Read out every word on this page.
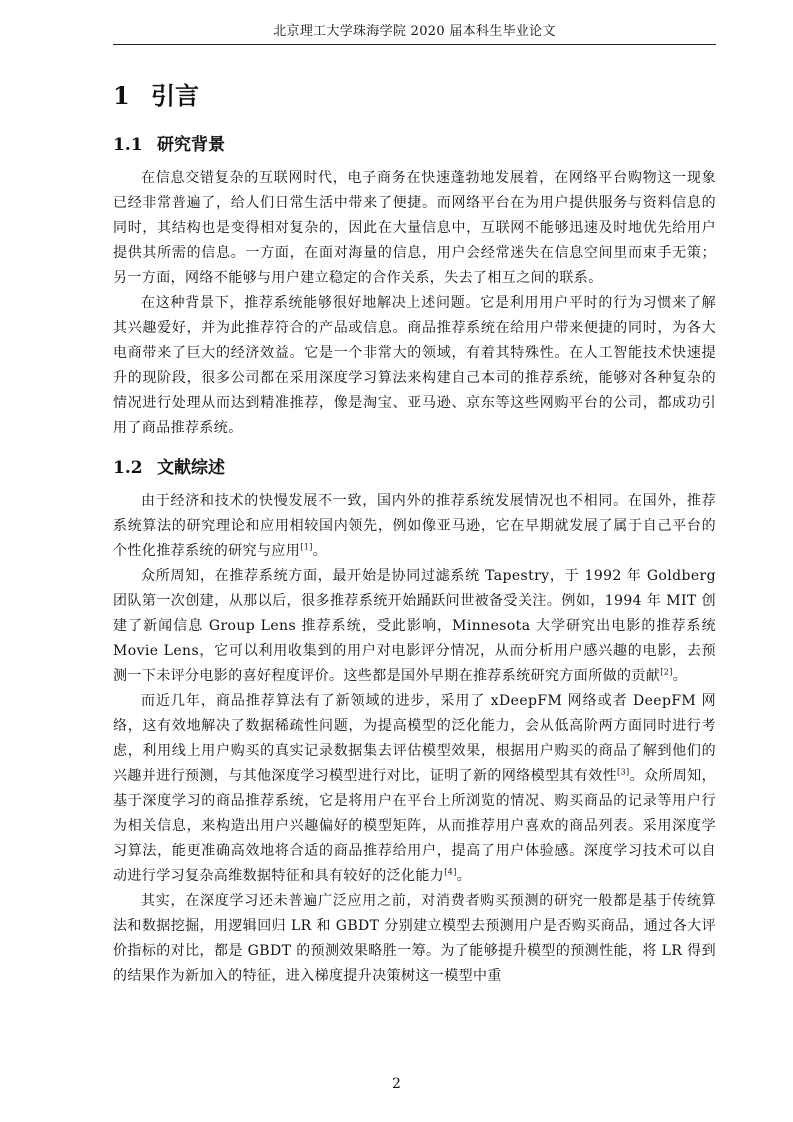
北京理工大学珠海学院 2020 届本科生毕业论文
1 引言
1.1 研究背景

在信息交错复杂的互联网时代，电子商务在快速蓬勃地发展着，在网络平台购物这一现象已经非常普遍了，给人们日常生活中带来了便捷。而网络平台在为用户提供服务与资料信息的同时，其结构也是变得相对复杂的，因此在大量信息中，互联网不能够迅速及时地优先给用户提供其所需的信息。一方面，在面对海量的信息，用户会经常迷失在信息空间里而束手无策；另一方面，网络不能够与用户建立稳定的合作关系，失去了相互之间的联系。

在这种背景下，推荐系统能够很好地解决上述问题。它是利用用户平时的行为习惯来了解其兴趣爱好，并为此推荐符合的产品或信息。商品推荐系统在给用户带来便捷的同时，为各大电商带来了巨大的经济效益。它是一个非常大的领域，有着其特殊性。在人工智能技术快速提升的现阶段，很多公司都在采用深度学习算法来构建自己本司的推荐系统，能够对各种复杂的情况进行处理从而达到精准推荐，像是淘宝、亚马逊、京东等这些网购平台的公司，都成功引用了商品推荐系统。

1.2 文献综述

由于经济和技术的快慢发展不一致，国内外的推荐系统发展情况也不相同。在国外，推荐系统算法的研究理论和应用相较国内领先，例如像亚马逊，它在早期就发展了属于自己平台的个性化推荐系统的研究与应用[1]。

众所周知，在推荐系统方面，最开始是协同过滤系统 Tapestry，于 1992 年 Goldberg 团队第一次创建，从那以后，很多推荐系统开始踊跃问世被备受关注。例如，1994 年 MIT 创建了新闻信息 Group Lens 推荐系统，受此影响，Minnesota 大学研究出电影的推荐系统 Movie Lens，它可以利用收集到的用户对电影评分情况，从而分析用户感兴趣的电影，去预测一下未评分电影的喜好程度评价。这些都是国外早期在推荐系统研究方面所做的贡献[2]。

而近几年，商品推荐算法有了新领域的进步，采用了 xDeepFM 网络或者 DeepFM 网络，这有效地解决了数据稀疏性问题，为提高模型的泛化能力，会从低高阶两方面同时进行考虑，利用线上用户购买的真实记录数据集去评估模型效果，根据用户购买的商品了解到他们的兴趣并进行预测，与其他深度学习模型进行对比，证明了新的网络模型其有效性[3]。众所周知，基于深度学习的商品推荐系统，它是将用户在平台上所浏览的情况、购买商品的记录等用户行为相关信息，来构造出用户兴趣偏好的模型矩阵，从而推荐用户喜欢的商品列表。采用深度学习算法，能更准确高效地将合适的商品推荐给用户，提高了用户体验感。深度学习技术可以自动进行学习复杂高维数据特征和具有较好的泛化能力[4]。

其实，在深度学习还未普遍广泛应用之前，对消费者购买预测的研究一般都是基于传统算法和数据挖掘，用逻辑回归 LR 和 GBDT 分别建立模型去预测用户是否购买商品，通过各大评价指标的对比，都是 GBDT 的预测效果略胜一筹。为了能够提升模型的预测性能，将 LR 得到的结果作为新加入的特征，进入梯度提升决策树这一模型中重

2
